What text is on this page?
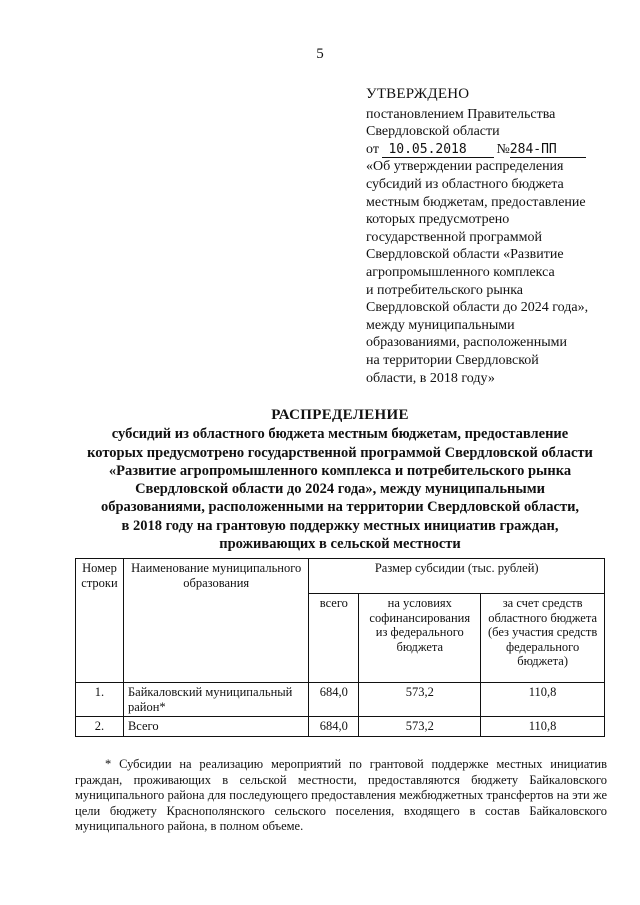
5
УТВЕРЖДЕНО
постановлением Правительства
Свердловской области
от 10.05.2018 №284-ПП
«Об утверждении распределения
субсидий из областного бюджета
местным бюджетам, предоставление
которых предусмотрено
государственной программой
Свердловской области «Развитие
агропромышленного комплекса
и потребительского рынка
Свердловской области до 2024 года»,
между муниципальными
образованиями, расположенными
на территории Свердловской
области, в 2018 году»
РАСПРЕДЕЛЕНИЕ
субсидий из областного бюджета местным бюджетам, предоставление
которых предусмотрено государственной программой Свердловской области
«Развитие агропромышленного комплекса и потребительского рынка
Свердловской области до 2024 года», между муниципальными
образованиями, расположенными на территории Свердловской области,
в 2018 году на грантовую поддержку местных инициатив граждан,
проживающих в сельской местности
Номер строки	Наименование муниципального образования	Размер субсидии (тыс. рублей)		
		всего	на условиях софинансирования из федерального бюджета	за счет средств областного бюджета (без участия средств федерального бюджета)
1.	Байкаловский муниципальный район*	684,0	573,2	110,8
2.	Всего	684,0	573,2	110,8
* Субсидии на реализацию мероприятий по грантовой поддержке местных инициатив граждан, проживающих в сельской местности, предоставляются бюджету Байкаловского муниципального района для последующего предоставления межбюджетных трансфертов на эти же цели бюджету Краснополянского сельского поселения, входящего в состав Байкаловского муниципального района, в полном объеме.
